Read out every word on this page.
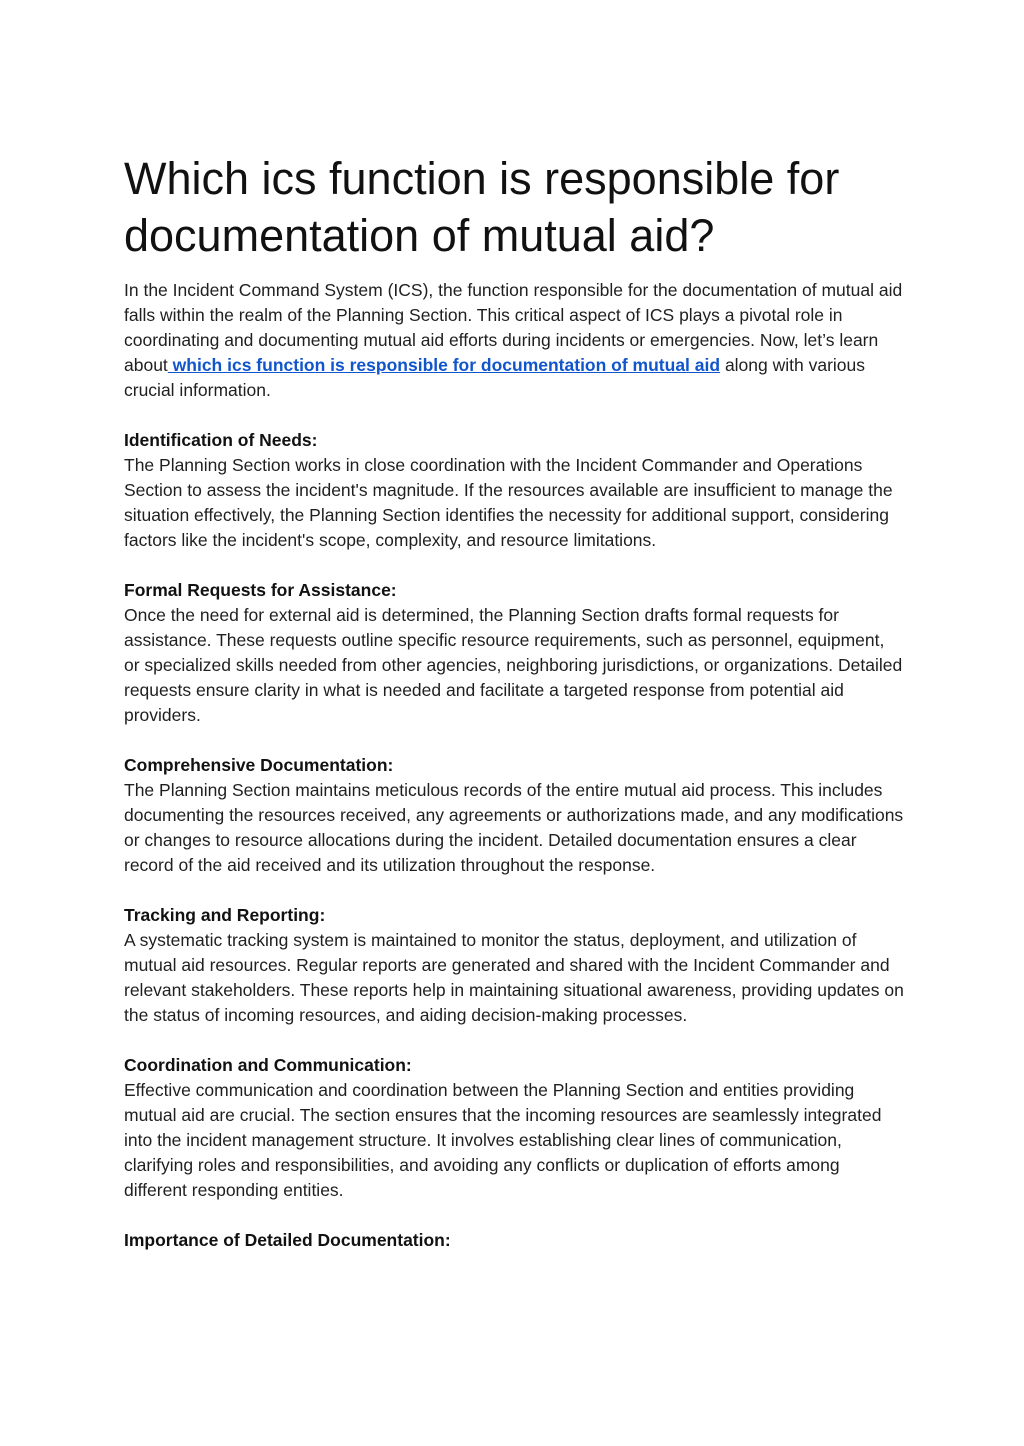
Which ics function is responsible for documentation of mutual aid?

In the Incident Command System (ICS), the function responsible for the documentation of mutual aid falls within the realm of the Planning Section. This critical aspect of ICS plays a pivotal role in coordinating and documenting mutual aid efforts during incidents or emergencies. Now, let’s learn about which ics function is responsible for documentation of mutual aid along with various crucial information.

Identification of Needs:

The Planning Section works in close coordination with the Incident Commander and Operations Section to assess the incident's magnitude. If the resources available are insufficient to manage the situation effectively, the Planning Section identifies the necessity for additional support, considering factors like the incident's scope, complexity, and resource limitations.

Formal Requests for Assistance:

Once the need for external aid is determined, the Planning Section drafts formal requests for assistance. These requests outline specific resource requirements, such as personnel, equipment, or specialized skills needed from other agencies, neighboring jurisdictions, or organizations. Detailed requests ensure clarity in what is needed and facilitate a targeted response from potential aid providers.

Comprehensive Documentation:

The Planning Section maintains meticulous records of the entire mutual aid process. This includes documenting the resources received, any agreements or authorizations made, and any modifications or changes to resource allocations during the incident. Detailed documentation ensures a clear record of the aid received and its utilization throughout the response.

Tracking and Reporting:

A systematic tracking system is maintained to monitor the status, deployment, and utilization of mutual aid resources. Regular reports are generated and shared with the Incident Commander and relevant stakeholders. These reports help in maintaining situational awareness, providing updates on the status of incoming resources, and aiding decision-making processes.

Coordination and Communication:

Effective communication and coordination between the Planning Section and entities providing mutual aid are crucial. The section ensures that the incoming resources are seamlessly integrated into the incident management structure. It involves establishing clear lines of communication, clarifying roles and responsibilities, and avoiding any conflicts or duplication of efforts among different responding entities.

Importance of Detailed Documentation:
